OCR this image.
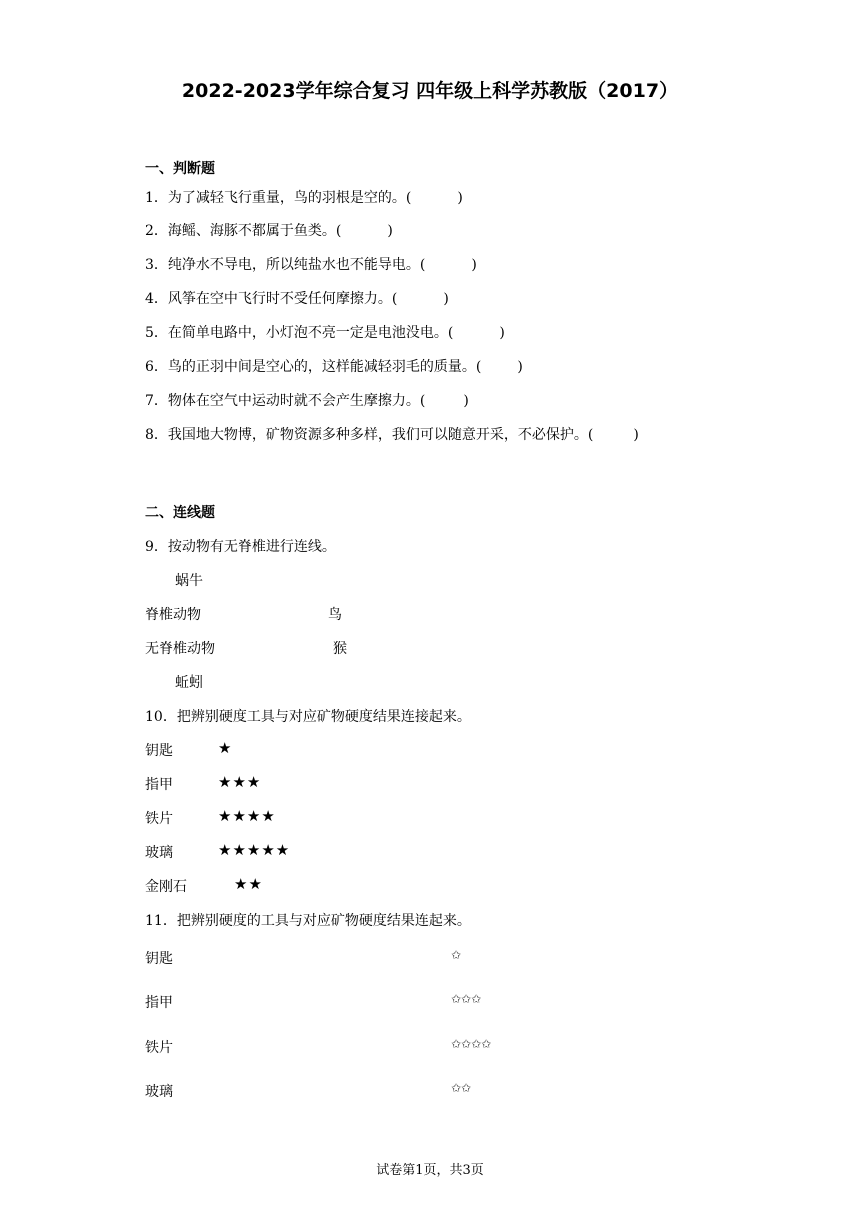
2022-2023学年综合复习 四年级上科学苏教版（2017）
一、判断题
1．为了减轻飞行重量，鸟的羽根是空的。(	)
2．海鳐、海豚不都属于鱼类。(	)
3．纯净水不导电，所以纯盐水也不能导电。(	)
4．风筝在空中飞行时不受任何摩擦力。(	)
5．在简单电路中，小灯泡不亮一定是电池没电。(	)
6．鸟的正羽中间是空心的，这样能减轻羽毛的质量。(	)
7．物体在空气中运动时就不会产生摩擦力。(	)
8．我国地大物博，矿物资源多种多样，我们可以随意开采，不必保护。(	)
二、连线题
9．按动物有无脊椎进行连线。
蜗牛
脊椎动物	鸟
无脊椎动物	猴
蚯蚓
10．把辨别硬度工具与对应矿物硬度结果连接起来。
钥匙	★
指甲	★★★
铁片	★★★★
玻璃	★★★★★
金刚石	★★
11．把辨别硬度的工具与对应矿物硬度结果连起来。
钥匙	✩
指甲	✩✩✩
铁片	✩✩✩✩
玻璃	✩✩
试卷第1页，共3页
